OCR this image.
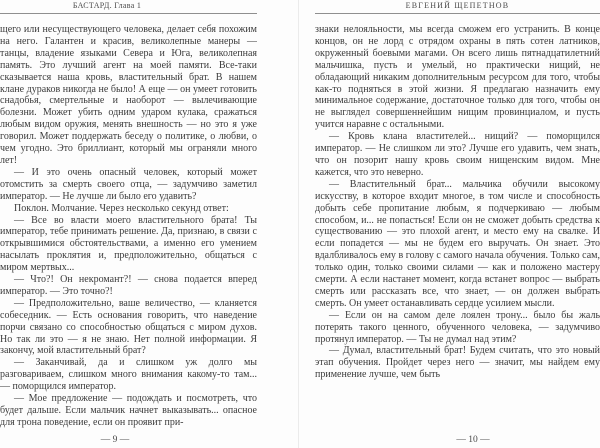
БАСТАРД. Глава 1

щего или несуществующего человека, делает себя похожим на него. Галантен и красив, великолепные манеры — танцы, владение языками Севера и Юга, великолепная память. Это лучший агент на моей памяти. Все-таки сказывается наша кровь, властительный брат. В нашем клане дураков никогда не было! А еще — он умеет готовить снадобья, смертельные и наоборот — вылечивающие болезни. Может убить одним ударом кулака, сражаться любым видом оружия, менять внешность — но это я уже говорил. Может поддержать беседу о политике, о любви, о чем угодно. Это бриллиант, который мы ограняли много лет!

— И это очень опасный человек, который может отомстить за смерть своего отца, — задумчиво заметил император. — Не лучше ли было его удавить?

Поклон. Молчание. Через несколько секунд ответ:

— Все во власти моего властительного брата! Ты император, тебе принимать решение. Да, признаю, в связи с открывшимися обстоятельствами, а именно его умением насылать проклятия и, предположительно, общаться с миром мертвых...

— Что?! Он некромант?! — снова подается вперед император. — Это точно?!

— Предположительно, ваше величество, — кланяется собеседник. — Есть основания говорить, что наведение порчи связано со способностью общаться с миром духов. Но так ли это — я не знаю. Нет полной информации. Я закончу, мой властительный брат?

— Заканчивай, да и слишком уж долго мы разговариваем, слишком много внимания какому-то там... — поморщился император.

— Мое предложение — подождать и посмотреть, что будет дальше. Если мальчик начнет выказывать... опасное для трона поведение, если он проявит при-

— 9 —
ЕВГЕНИЙ ЩЕПЕТНОВ

знаки нелояльности, мы всегда сможем его устранить. В конце концов, он не лорд с отрядом охраны в пять сотен латников, окруженный боевыми магами. Он всего лишь пятнадцатилетний мальчишка, пусть и умелый, но практически нищий, не обладающий никаким дополнительным ресурсом для того, чтобы как-то подняться в этой жизни. Я предлагаю назначить ему минимальное содержание, достаточное только для того, чтобы он не выглядел совершеннейшим нищим провинциалом, и пусть учится наравне с остальными.

— Кровь клана властителей... нищий? — поморщился император. — Не слишком ли это? Лучше его удавить, чем знать, что он позорит нашу кровь своим нищенским видом. Мне кажется, что это неверно.

— Властительный брат... мальчика обучили высокому искусству, в которое входит многое, в том числе и способность добыть себе пропитание любым, я подчеркиваю — любым способом, и... не попасться! Если он не сможет добыть средства к существованию — это плохой агент, и место ему на свалке. И если попадется — мы не будем его выручать. Он знает. Это вдалбливалось ему в голову с самого начала обучения. Только сам, только один, только своими силами — как и положено мастеру смерти. А если настанет момент, когда встанет вопрос — выбрать смерть или рассказать все, что знает, — он должен выбрать смерть. Он умеет останавливать сердце усилием мысли.

— Если он на самом деле лоялен трону... было бы жаль потерять такого ценного, обученного человека, — задумчиво протянул император. — Ты не думал над этим?

— Думал, властительный брат! Будем считать, что это новый этап обучения. Пройдет через него — значит, мы найдем ему применение лучше, чем быть

— 10 —
